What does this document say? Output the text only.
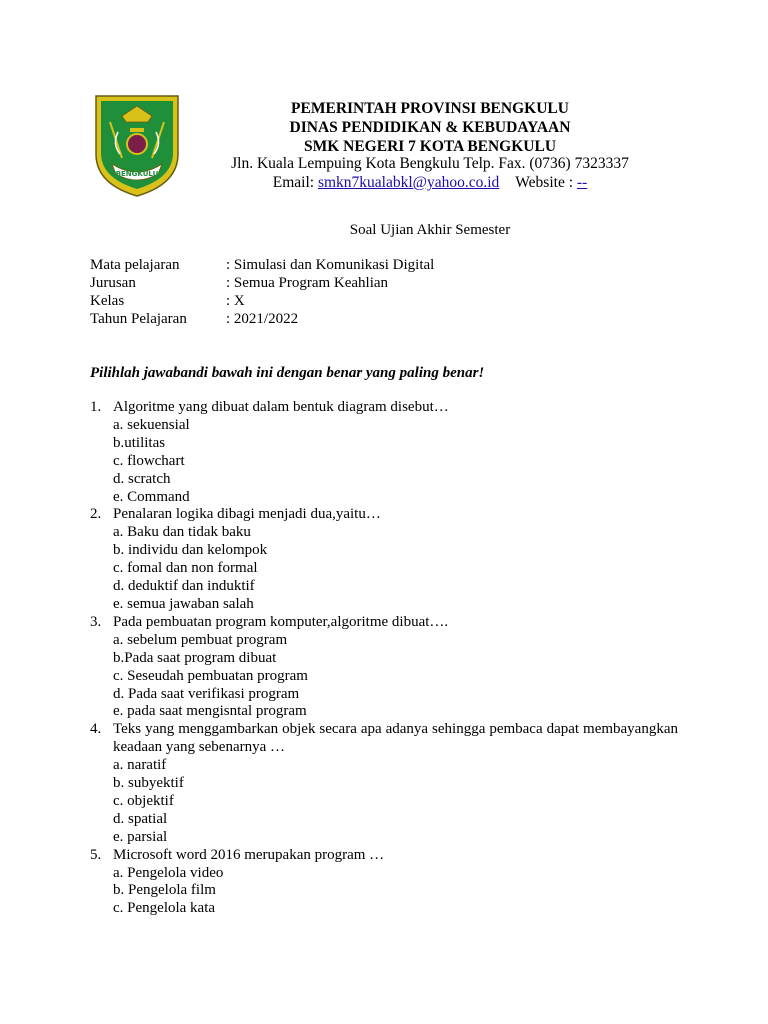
BENGKULU
PEMERINTAH PROVINSI BENGKULU
DINAS PENDIDIKAN & KEBUDAYAAN
SMK NEGERI 7 KOTA BENGKULU
Jln. Kuala Lempuing Kota Bengkulu Telp. Fax. (0736) 7323337
Email: smkn7kualabkl@yahoo.co.id Website : --
Soal Ujian Akhir Semester
Mata pelajaran	: Simulasi dan Komunikasi Digital
Jurusan	: Semua Program Keahlian
Kelas	: X
Tahun Pelajaran	: 2021/2022
Pilihlah jawabandi bawah ini dengan benar yang paling benar!
1. Algoritme yang dibuat dalam bentuk diagram disebut…
a. sekuensial
b.utilitas
c. flowchart
d. scratch
e. Command
2. Penalaran logika dibagi menjadi dua,yaitu…
a. Baku dan tidak baku
b. individu dan kelompok
c. fomal dan non formal
d. deduktif dan induktif
e. semua jawaban salah
3. Pada pembuatan program komputer,algoritme dibuat….
a. sebelum pembuat program
b.Pada saat program dibuat
c. Seseudah pembuatan program
d. Pada saat verifikasi program
e. pada saat mengisntal program
4. Teks yang menggambarkan objek secara apa adanya sehingga pembaca dapat membayangkan keadaan yang sebenarnya …
a. naratif
b. subyektif
c. objektif
d. spatial
e. parsial
5. Microsoft word 2016 merupakan program …
a. Pengelola video
b. Pengelola film
c. Pengelola kata
